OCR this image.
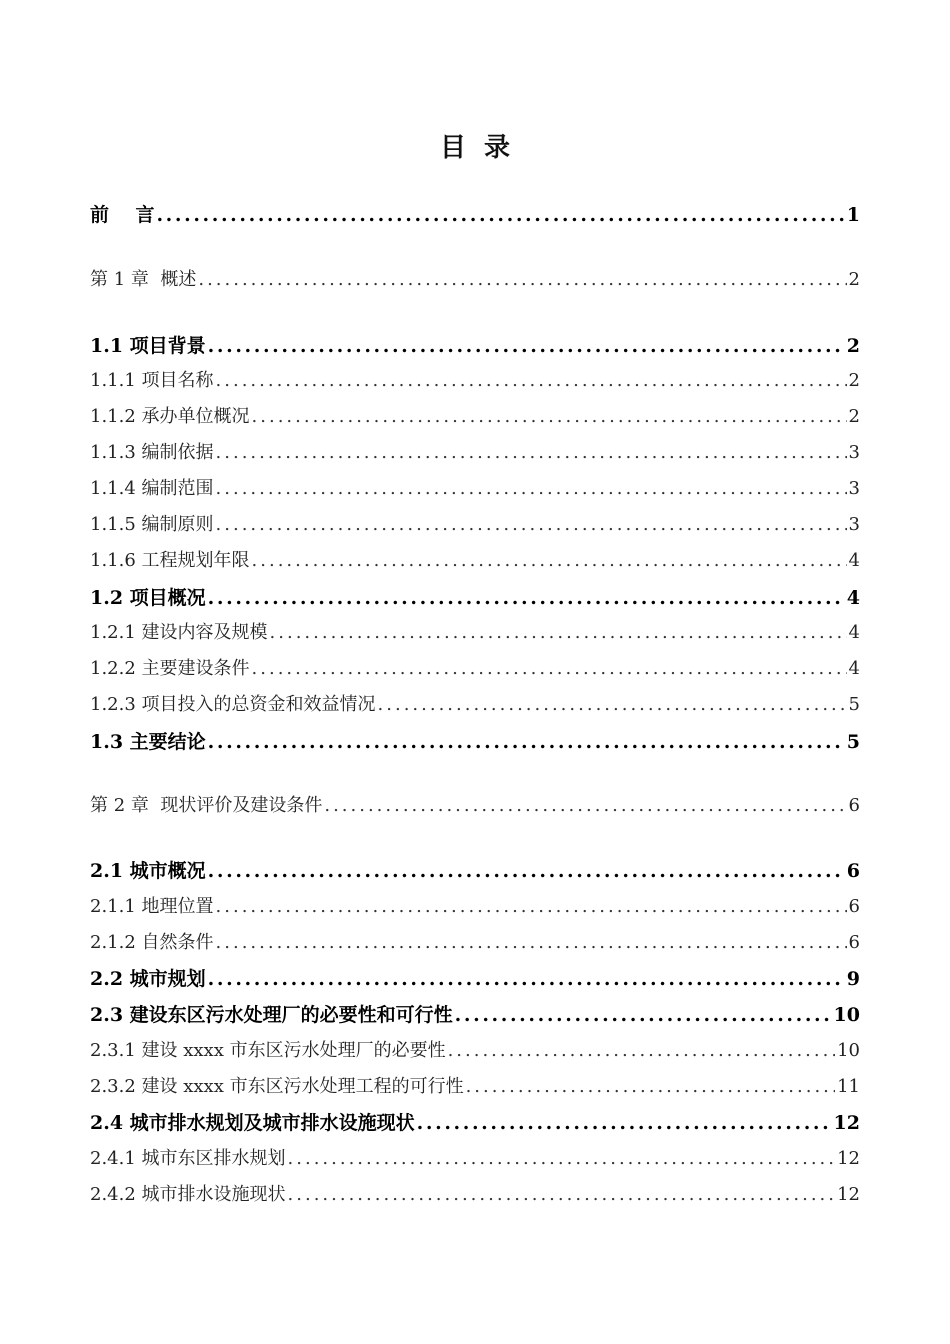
目  录
前    言 .....	1
第 1 章  概述 .....	2
1.1 项目背景 .....	2
1.1.1 项目名称 .....	2
1.1.2 承办单位概况 .....	2
1.1.3 编制依据 .....	3
1.1.4 编制范围 .....	3
1.1.5 编制原则 .....	3
1.1.6 工程规划年限 .....	4
1.2 项目概况 .....	4
1.2.1 建设内容及规模 .....	4
1.2.2 主要建设条件 .....	4
1.2.3 项目投入的总资金和效益情况 .....	5
1.3 主要结论 .....	5
第 2 章  现状评价及建设条件 .....	6
2.1 城市概况 .....	6
2.1.1 地理位置 .....	6
2.1.2 自然条件 .....	6
2.2 城市规划 .....	9
2.3 建设东区污水处理厂的必要性和可行性 .....	10
2.3.1 建设 xxxx 市东区污水处理厂的必要性 .....	10
2.3.2 建设 xxxx 市东区污水处理工程的可行性 .....	11
2.4 城市排水规划及城市排水设施现状 .....	12
2.4.1 城市东区排水规划 .....	12
2.4.2 城市排水设施现状 .....	12
